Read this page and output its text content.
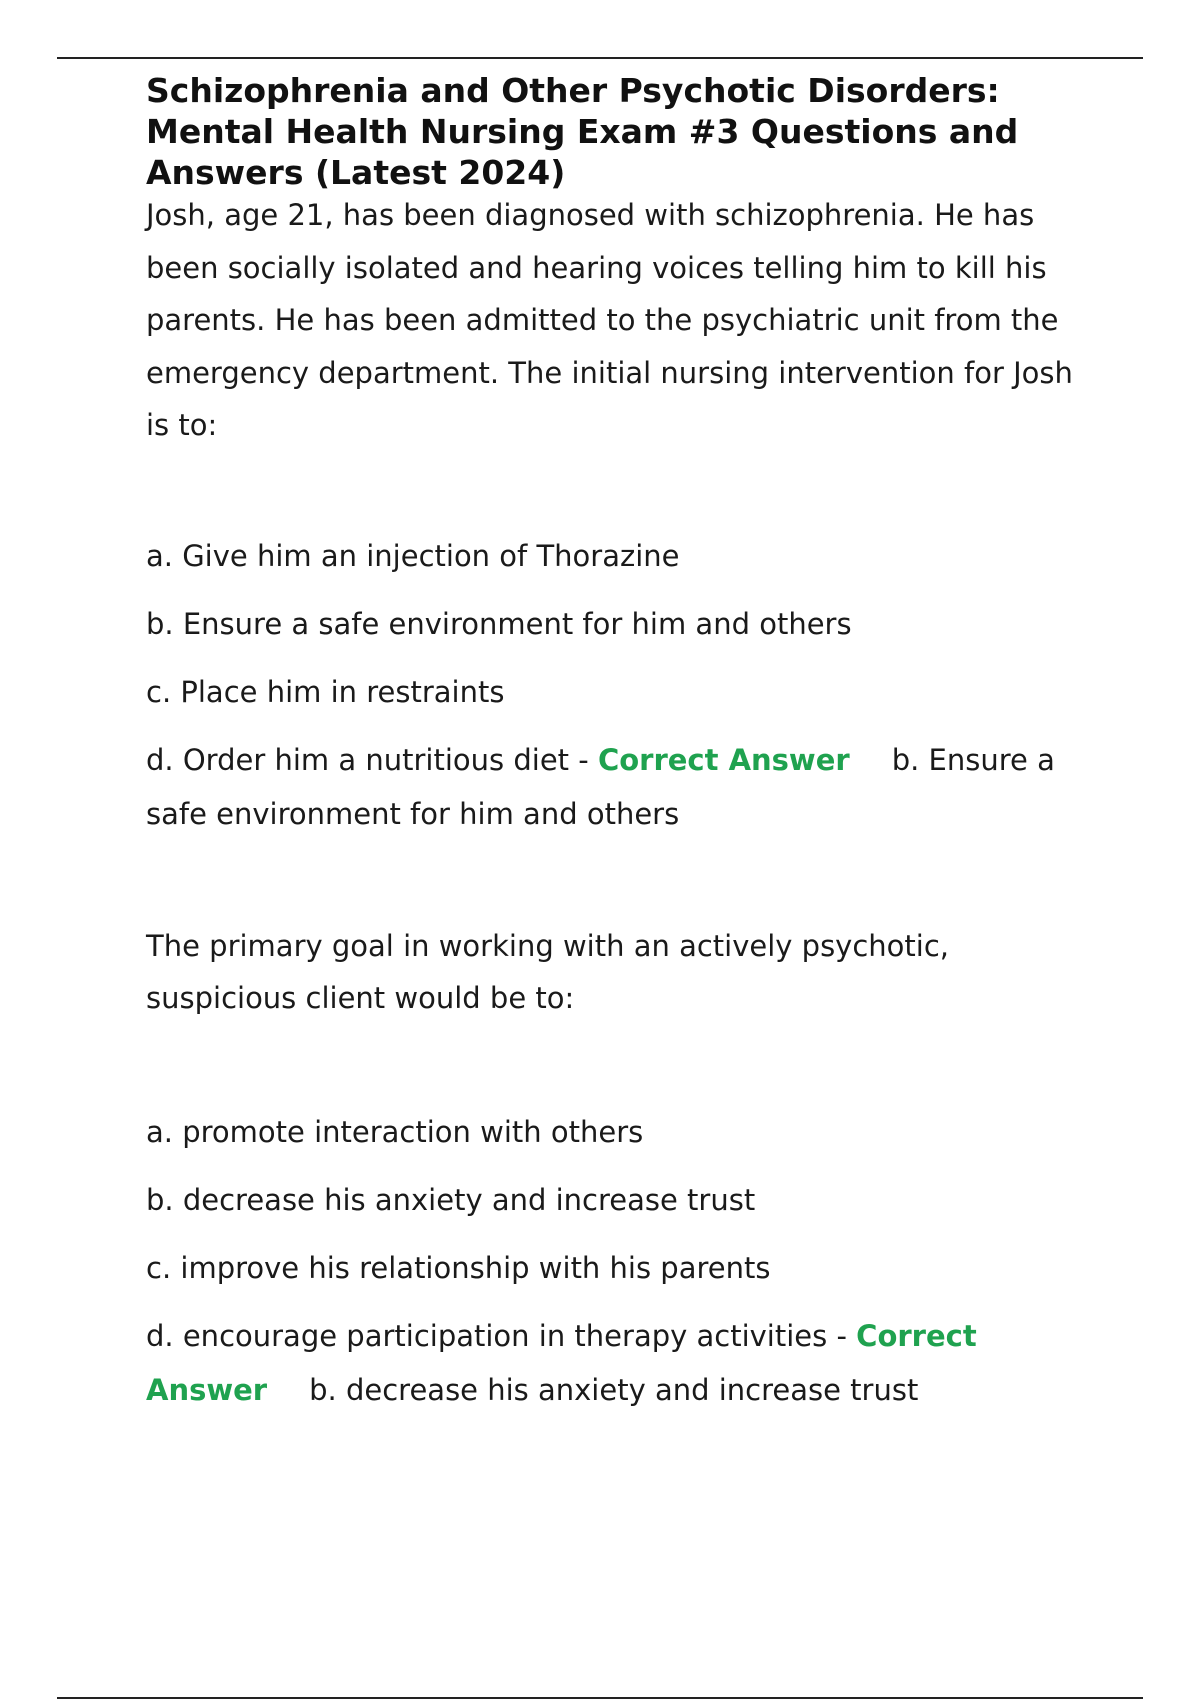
Schizophrenia and Other Psychotic Disorders: Mental Health Nursing Exam #3 Questions and Answers (Latest 2024)

Josh, age 21, has been diagnosed with schizophrenia. He has been socially isolated and hearing voices telling him to kill his parents. He has been admitted to the psychiatric unit from the emergency department. The initial nursing intervention for Josh is to:

a. Give him an injection of Thorazine

b. Ensure a safe environment for him and others

c. Place him in restraints

d. Order him a nutritious diet - Correct Answer b. Ensure a safe environment for him and others

The primary goal in working with an actively psychotic, suspicious client would be to:

a. promote interaction with others

b. decrease his anxiety and increase trust

c. improve his relationship with his parents

d. encourage participation in therapy activities - Correct Answer b. decrease his anxiety and increase trust
